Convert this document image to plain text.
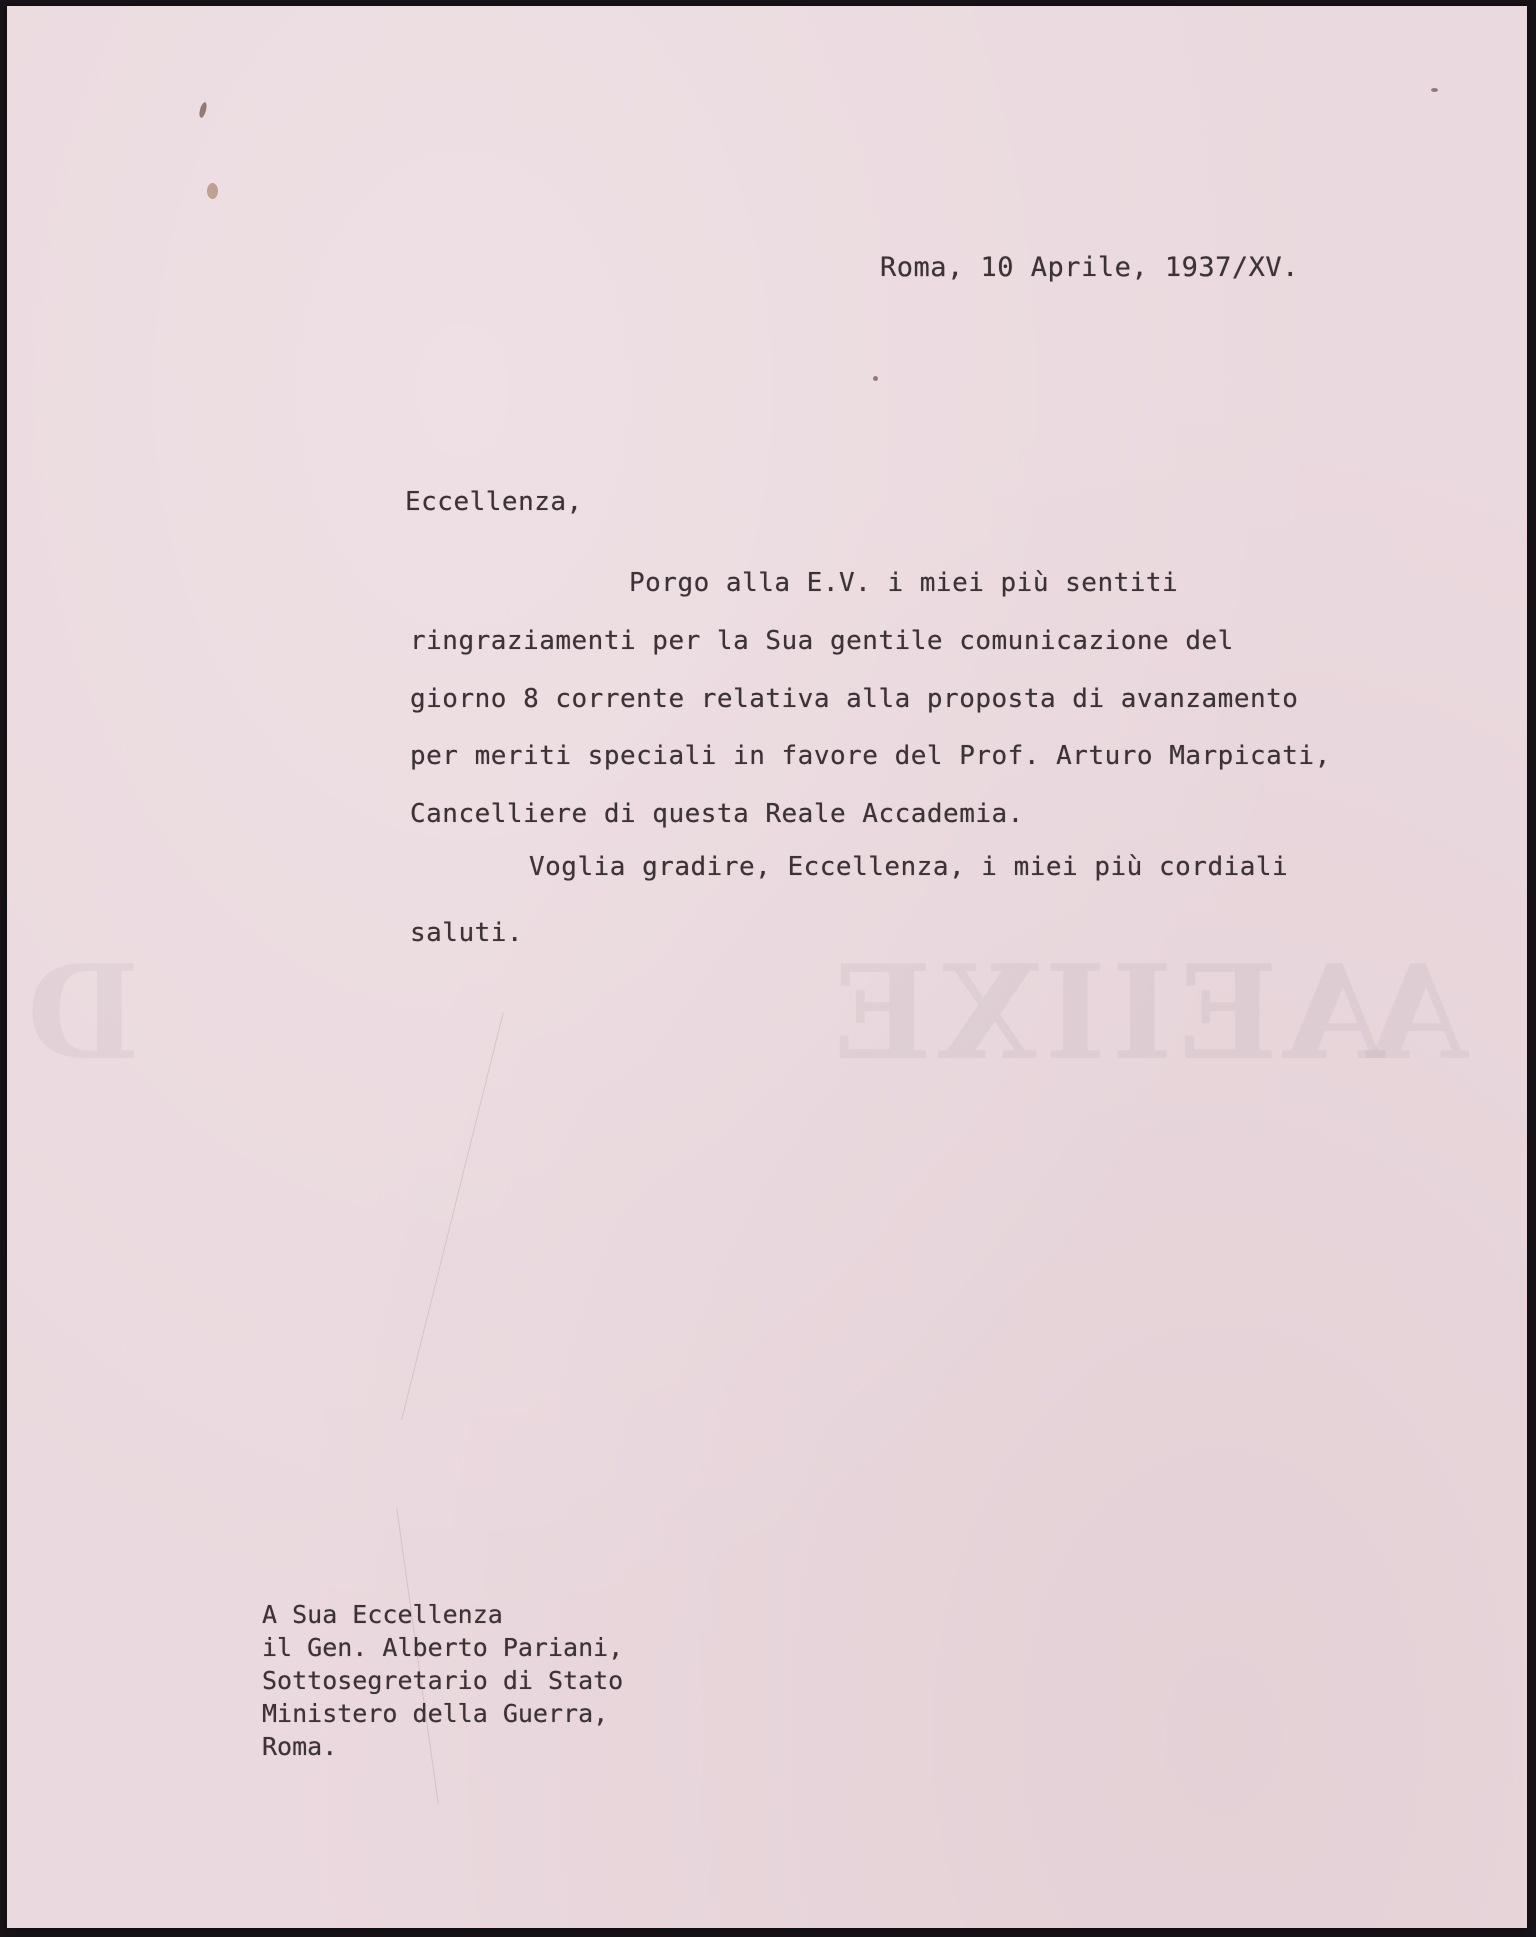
D	AEIIXE
A
Roma, 10 Aprile, 1937/XV.
Eccellenza,
Porgo alla E.V. i miei più sentiti
ringraziamenti per la Sua gentile comunicazione del
giorno 8 corrente relativa alla proposta di avanzamento
per meriti speciali in favore del Prof. Arturo Marpicati,
Cancelliere di questa Reale Accademia.
Voglia gradire, Eccellenza, i miei più cordiali
saluti.
A Sua Eccellenza
il Gen. Alberto Pariani,
Sottosegretario di Stato
Ministero della Guerra,
Roma.
